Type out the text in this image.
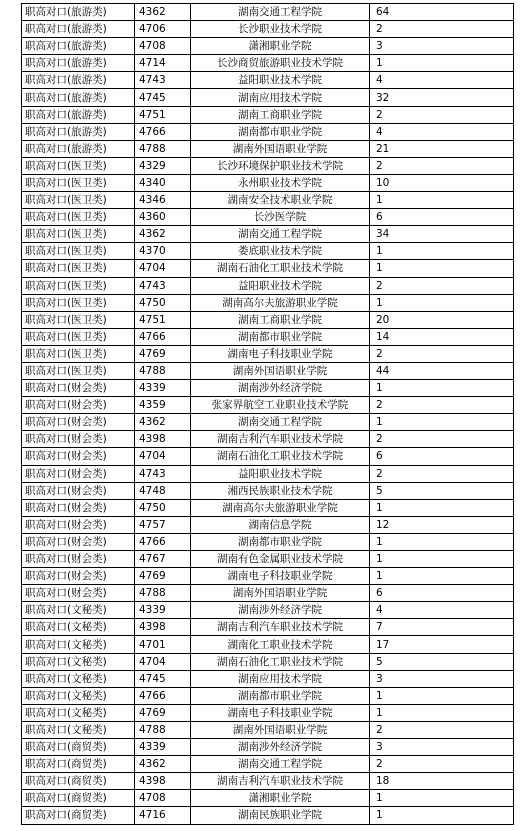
职高对口(旅游类)	4362	湖南交通工程学院	64
职高对口(旅游类)	4706	长沙职业技术学院	2
职高对口(旅游类)	4708	潇湘职业学院	3
职高对口(旅游类)	4714	长沙商贸旅游职业技术学院	1
职高对口(旅游类)	4743	益阳职业技术学院	4
职高对口(旅游类)	4745	湖南应用技术学院	32
职高对口(旅游类)	4751	湖南工商职业学院	2
职高对口(旅游类)	4766	湖南都市职业学院	4
职高对口(旅游类)	4788	湖南外国语职业学院	21
职高对口(医卫类)	4329	长沙环境保护职业技术学院	2
职高对口(医卫类)	4340	永州职业技术学院	10
职高对口(医卫类)	4346	湖南安全技术职业学院	1
职高对口(医卫类)	4360	长沙医学院	6
职高对口(医卫类)	4362	湖南交通工程学院	34
职高对口(医卫类)	4370	娄底职业技术学院	1
职高对口(医卫类)	4704	湖南石油化工职业技术学院	1
职高对口(医卫类)	4743	益阳职业技术学院	2
职高对口(医卫类)	4750	湖南高尔夫旅游职业学院	1
职高对口(医卫类)	4751	湖南工商职业学院	20
职高对口(医卫类)	4766	湖南都市职业学院	14
职高对口(医卫类)	4769	湖南电子科技职业学院	2
职高对口(医卫类)	4788	湖南外国语职业学院	44
职高对口(财会类)	4339	湖南涉外经济学院	1
职高对口(财会类)	4359	张家界航空工业职业技术学院	2
职高对口(财会类)	4362	湖南交通工程学院	1
职高对口(财会类)	4398	湖南吉利汽车职业技术学院	2
职高对口(财会类)	4704	湖南石油化工职业技术学院	6
职高对口(财会类)	4743	益阳职业技术学院	2
职高对口(财会类)	4748	湘西民族职业技术学院	5
职高对口(财会类)	4750	湖南高尔夫旅游职业学院	1
职高对口(财会类)	4757	湖南信息学院	12
职高对口(财会类)	4766	湖南都市职业学院	1
职高对口(财会类)	4767	湖南有色金属职业技术学院	1
职高对口(财会类)	4769	湖南电子科技职业学院	1
职高对口(财会类)	4788	湖南外国语职业学院	6
职高对口(文秘类)	4339	湖南涉外经济学院	4
职高对口(文秘类)	4398	湖南吉利汽车职业技术学院	7
职高对口(文秘类)	4701	湖南化工职业技术学院	17
职高对口(文秘类)	4704	湖南石油化工职业技术学院	5
职高对口(文秘类)	4745	湖南应用技术学院	3
职高对口(文秘类)	4766	湖南都市职业学院	1
职高对口(文秘类)	4769	湖南电子科技职业学院	1
职高对口(文秘类)	4788	湖南外国语职业学院	2
职高对口(商贸类)	4339	湖南涉外经济学院	3
职高对口(商贸类)	4362	湖南交通工程学院	2
职高对口(商贸类)	4398	湖南吉利汽车职业技术学院	18
职高对口(商贸类)	4708	潇湘职业学院	1
职高对口(商贸类)	4716	湖南民族职业学院	1
